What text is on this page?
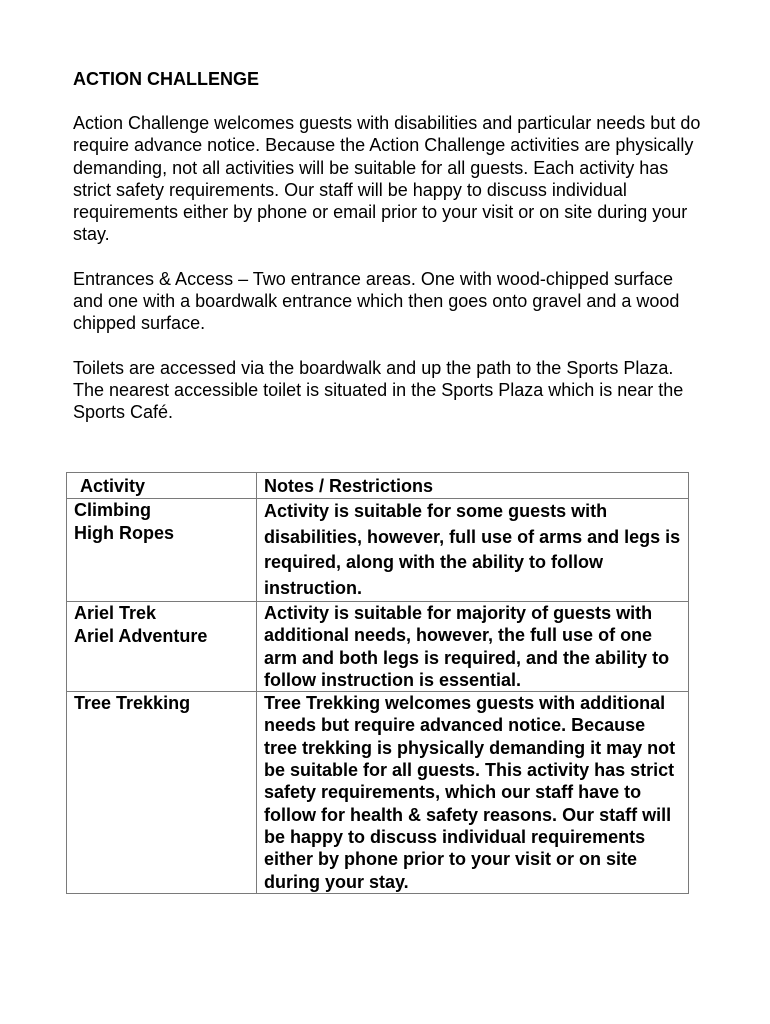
ACTION CHALLENGE

Action Challenge welcomes guests with disabilities and particular needs but do require advance notice. Because the Action Challenge activities are physically demanding, not all activities will be suitable for all guests. Each activity has strict safety requirements. Our staff will be happy to discuss individual requirements either by phone or email prior to your visit or on site during your stay.

Entrances & Access – Two entrance areas. One with wood-chipped surface and one with a boardwalk entrance which then goes onto gravel and a wood chipped surface.

Toilets are accessed via the boardwalk and up the path to the Sports Plaza. The nearest accessible toilet is situated in the Sports Plaza which is near the Sports Café.

Activity	Notes / Restrictions

Climbing
High Ropes	Activity is suitable for some guests with disabilities, however, full use of arms and legs is required, along with the ability to follow instruction.

Ariel Trek
Ariel Adventure	Activity is suitable for majority of guests with additional needs, however, the full use of one arm and both legs is required, and the ability to follow instruction is essential.

Tree Trekking	Tree Trekking welcomes guests with additional needs but require advanced notice. Because tree trekking is physically demanding it may not be suitable for all guests. This activity has strict safety requirements, which our staff have to follow for health & safety reasons. Our staff will be happy to discuss individual requirements either by phone prior to your visit or on site during your stay.
